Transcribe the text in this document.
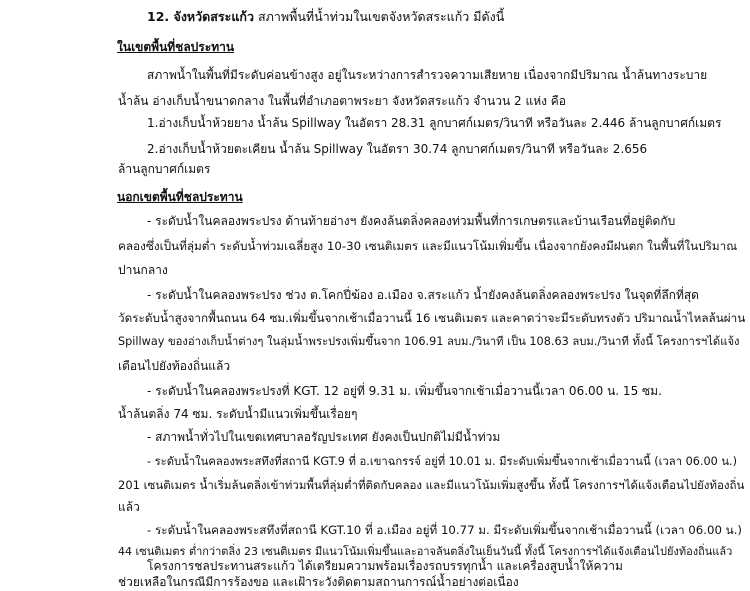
12. จังหวัดสระแก้ว สภาพพื้นที่น้ำท่วมในเขตจังหวัดสระแก้ว มีดังนี้
ในเขตพื้นที่ชลประทาน
สภาพน้ำในพื้นที่มีระดับค่อนข้างสูง อยู่ในระหว่างการสำรวจความเสียหาย เนื่องจากมีปริมาณ น้ำล้นทางระบาย
น้ำล้น อ่างเก็บน้ำขนาดกลาง ในพื้นที่อำเภอตาพระยา จังหวัดสระแก้ว จำนวน 2 แห่ง คือ
1.อ่างเก็บน้ำห้วยยาง น้ำล้น Spillway ในอัตรา 28.31 ลูกบาศก์เมตร/วินาที หรือวันละ 2.446 ล้านลูกบาศก์เมตร
2.อ่างเก็บน้ำห้วยตะเคียน น้ำล้น Spillway ในอัตรา 30.74 ลูกบาศก์เมตร/วินาที หรือวันละ 2.656
ล้านลูกบาศก์เมตร
นอกเขตพื้นที่ชลประทาน
- ระดับน้ำในคลองพระปรง ด้านท้ายอ่างฯ ยังคงล้นตลิ่งคลองท่วมพื้นที่การเกษตรและบ้านเรือนที่อยู่ติดกับ
คลองซึ่งเป็นที่ลุ่มต่ำ ระดับน้ำท่วมเฉลี่ยสูง 10-30 เซนติเมตร และมีแนวโน้มเพิ่มขึ้น เนื่องจากยังคงมีฝนตก ในพื้นที่ในปริมาณ
ปานกลาง
- ระดับน้ำในคลองพระปรง ช่วง ต.โคกปี่ฆ้อง อ.เมือง จ.สระแก้ว น้ำยังคงล้นตลิ่งคลองพระปรง ในจุดที่ลึกที่สุด
วัดระดับน้ำสูงจากพื้นถนน 64 ซม.เพิ่มขึ้นจากเช้าเมื่อวานนี้ 16 เซนติเมตร และคาดว่าจะมีระดับทรงตัว ปริมาณน้ำไหลล้นผ่าน
Spillway ของอ่างเก็บน้ำต่างๆ ในลุ่มน้ำพระปรงเพิ่มขึ้นจาก 106.91 ลบม./วินาที เป็น 108.63 ลบม./วินาที ทั้งนี้ โครงการฯได้แจ้ง
เตือนไปยังท้องถิ่นแล้ว
- ระดับน้ำในคลองพระปรงที่ KGT. 12 อยู่ที่ 9.31 ม. เพิ่มขึ้นจากเช้าเมื่อวานนี้เวลา 06.00 น. 15 ซม.
น้ำล้นตลิ่ง 74 ซม. ระดับน้ำมีแนวเพิ่มขึ้นเรื่อยๆ
- สภาพน้ำทั่วไปในเขตเทศบาลอรัญประเทศ ยังคงเป็นปกติไม่มีน้ำท่วม
- ระดับน้ำในคลองพระสทึงที่สถานี KGT.9 ที่ อ.เขาฉกรรจ์ อยู่ที่ 10.01 ม. มีระดับเพิ่มขึ้นจากเช้าเมื่อวานนี้ (เวลา 06.00 น.)
201 เซนติเมตร น้ำเริ่มล้นตลิ่งเข้าท่วมพื้นที่ลุ่มต่ำที่ติดกับคลอง และมีแนวโน้มเพิ่มสูงขึ้น ทั้งนี้ โครงการฯได้แจ้งเตือนไปยังท้องถิ่น
แล้ว
- ระดับน้ำในคลองพระสทึงที่สถานี KGT.10 ที่ อ.เมือง อยู่ที่ 10.77 ม. มีระดับเพิ่มขึ้นจากเช้าเมื่อวานนี้ (เวลา 06.00 น.)
44 เซนติเมตร ต่ำกว่าตลิ่ง 23 เซนติเมตร มีแนวโน้มเพิ่มขึ้นและอาจล้นตลิ่งในเย็นวันนี้ ทั้งนี้ โครงการฯได้แจ้งเตือนไปยังท้องถิ่นแล้ว
โครงการชลประทานสระแก้ว ได้เตรียมความพร้อมเรื่องรถบรรทุกน้ำ และเครื่องสูบน้ำให้ความ
ช่วยเหลือในกรณีมีการร้องขอ และเฝ้าระวังติดตามสถานการณ์น้ำอย่างต่อเนื่อง
